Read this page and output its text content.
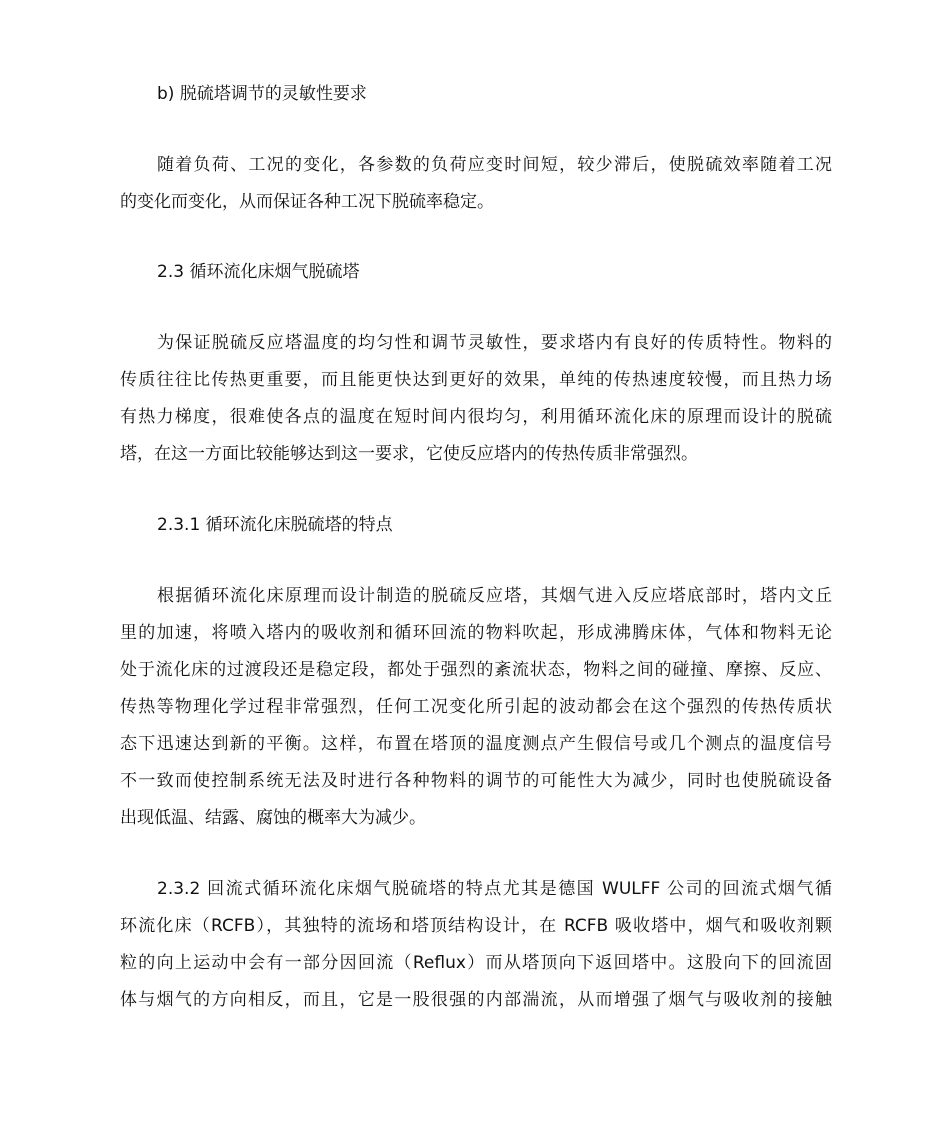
b) 脱硫塔调节的灵敏性要求
随着负荷、工况的变化，各参数的负荷应变时间短，较少滞后，使脱硫效率随着工况
的变化而变化，从而保证各种工况下脱硫率稳定。
2.3 循环流化床烟气脱硫塔
为保证脱硫反应塔温度的均匀性和调节灵敏性，要求塔内有良好的传质特性。物料的
传质往往比传热更重要，而且能更快达到更好的效果，单纯的传热速度较慢，而且热力场
有热力梯度，很难使各点的温度在短时间内很均匀，利用循环流化床的原理而设计的脱硫
塔，在这一方面比较能够达到这一要求，它使反应塔内的传热传质非常强烈。
2.3.1 循环流化床脱硫塔的特点
根据循环流化床原理而设计制造的脱硫反应塔，其烟气进入反应塔底部时，塔内文丘
里的加速，将喷入塔内的吸收剂和循环回流的物料吹起，形成沸腾床体，气体和物料无论
处于流化床的过渡段还是稳定段，都处于强烈的紊流状态，物料之间的碰撞、摩擦、反应、
传热等物理化学过程非常强烈，任何工况变化所引起的波动都会在这个强烈的传热传质状
态下迅速达到新的平衡。这样，布置在塔顶的温度测点产生假信号或几个测点的温度信号
不一致而使控制系统无法及时进行各种物料的调节的可能性大为减少，同时也使脱硫设备
出现低温、结露、腐蚀的概率大为减少。
2.3.2 回流式循环流化床烟气脱硫塔的特点尤其是德国 WULFF 公司的回流式烟气循
环流化床（RCFB），其独特的流场和塔顶结构设计，在 RCFB 吸收塔中，烟气和吸收剂颗
粒的向上运动中会有一部分因回流（Reflux）而从塔顶向下返回塔中。这股向下的回流固
体与烟气的方向相反，而且，它是一股很强的内部湍流，从而增强了烟气与吸收剂的接触
